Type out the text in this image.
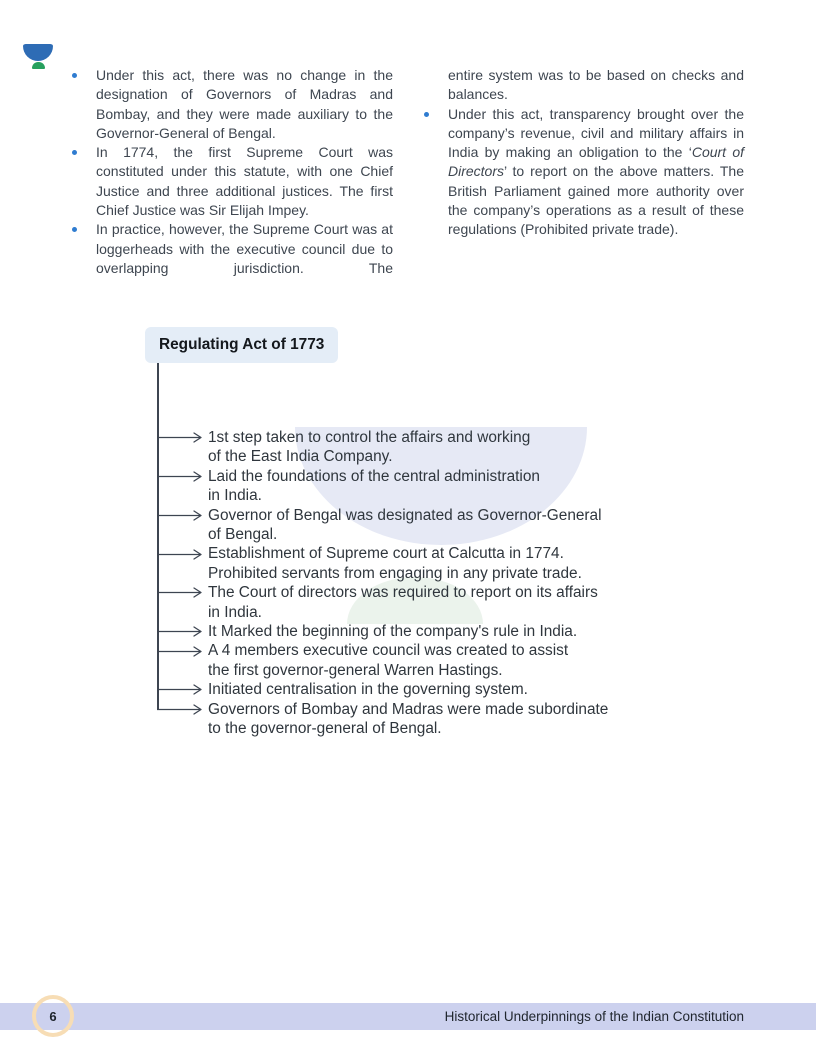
Under this act, there was no change in the designation of Governors of Madras and Bombay, and they were made auxiliary to the Governor-General of Bengal.
In 1774, the first Supreme Court was constituted under this statute, with one Chief Justice and three additional justices. The first Chief Justice was Sir Elijah Impey.
In practice, however, the Supreme Court was at loggerheads with the executive council due to overlapping jurisdiction. The
entire system was to be based on checks and balances.
Under this act, transparency brought over the company’s revenue, civil and military affairs in India by making an obligation to the ‘Court of Directors’ to report on the above matters. The British Parliament gained more authority over the company’s operations as a result of these regulations (Prohibited private trade).
Regulating Act of 1773
1st step taken to control the affairs and working
of the East India Company.
Laid the foundations of the central administration
in India.
Governor of Bengal was designated as Governor-General
of Bengal.
Establishment of Supreme court at Calcutta in 1774.
Prohibited servants from engaging in any private trade.
The Court of directors was required to report on its affairs
in India.
It Marked the beginning of the company's rule in India.
A 4 members executive council was created to assist
the first governor-general Warren Hastings.
Initiated centralisation in the governing system.
Governors of Bombay and Madras were made subordinate
to the governor-general of Bengal.
Historical Underpinnings of the Indian Constitution
6
